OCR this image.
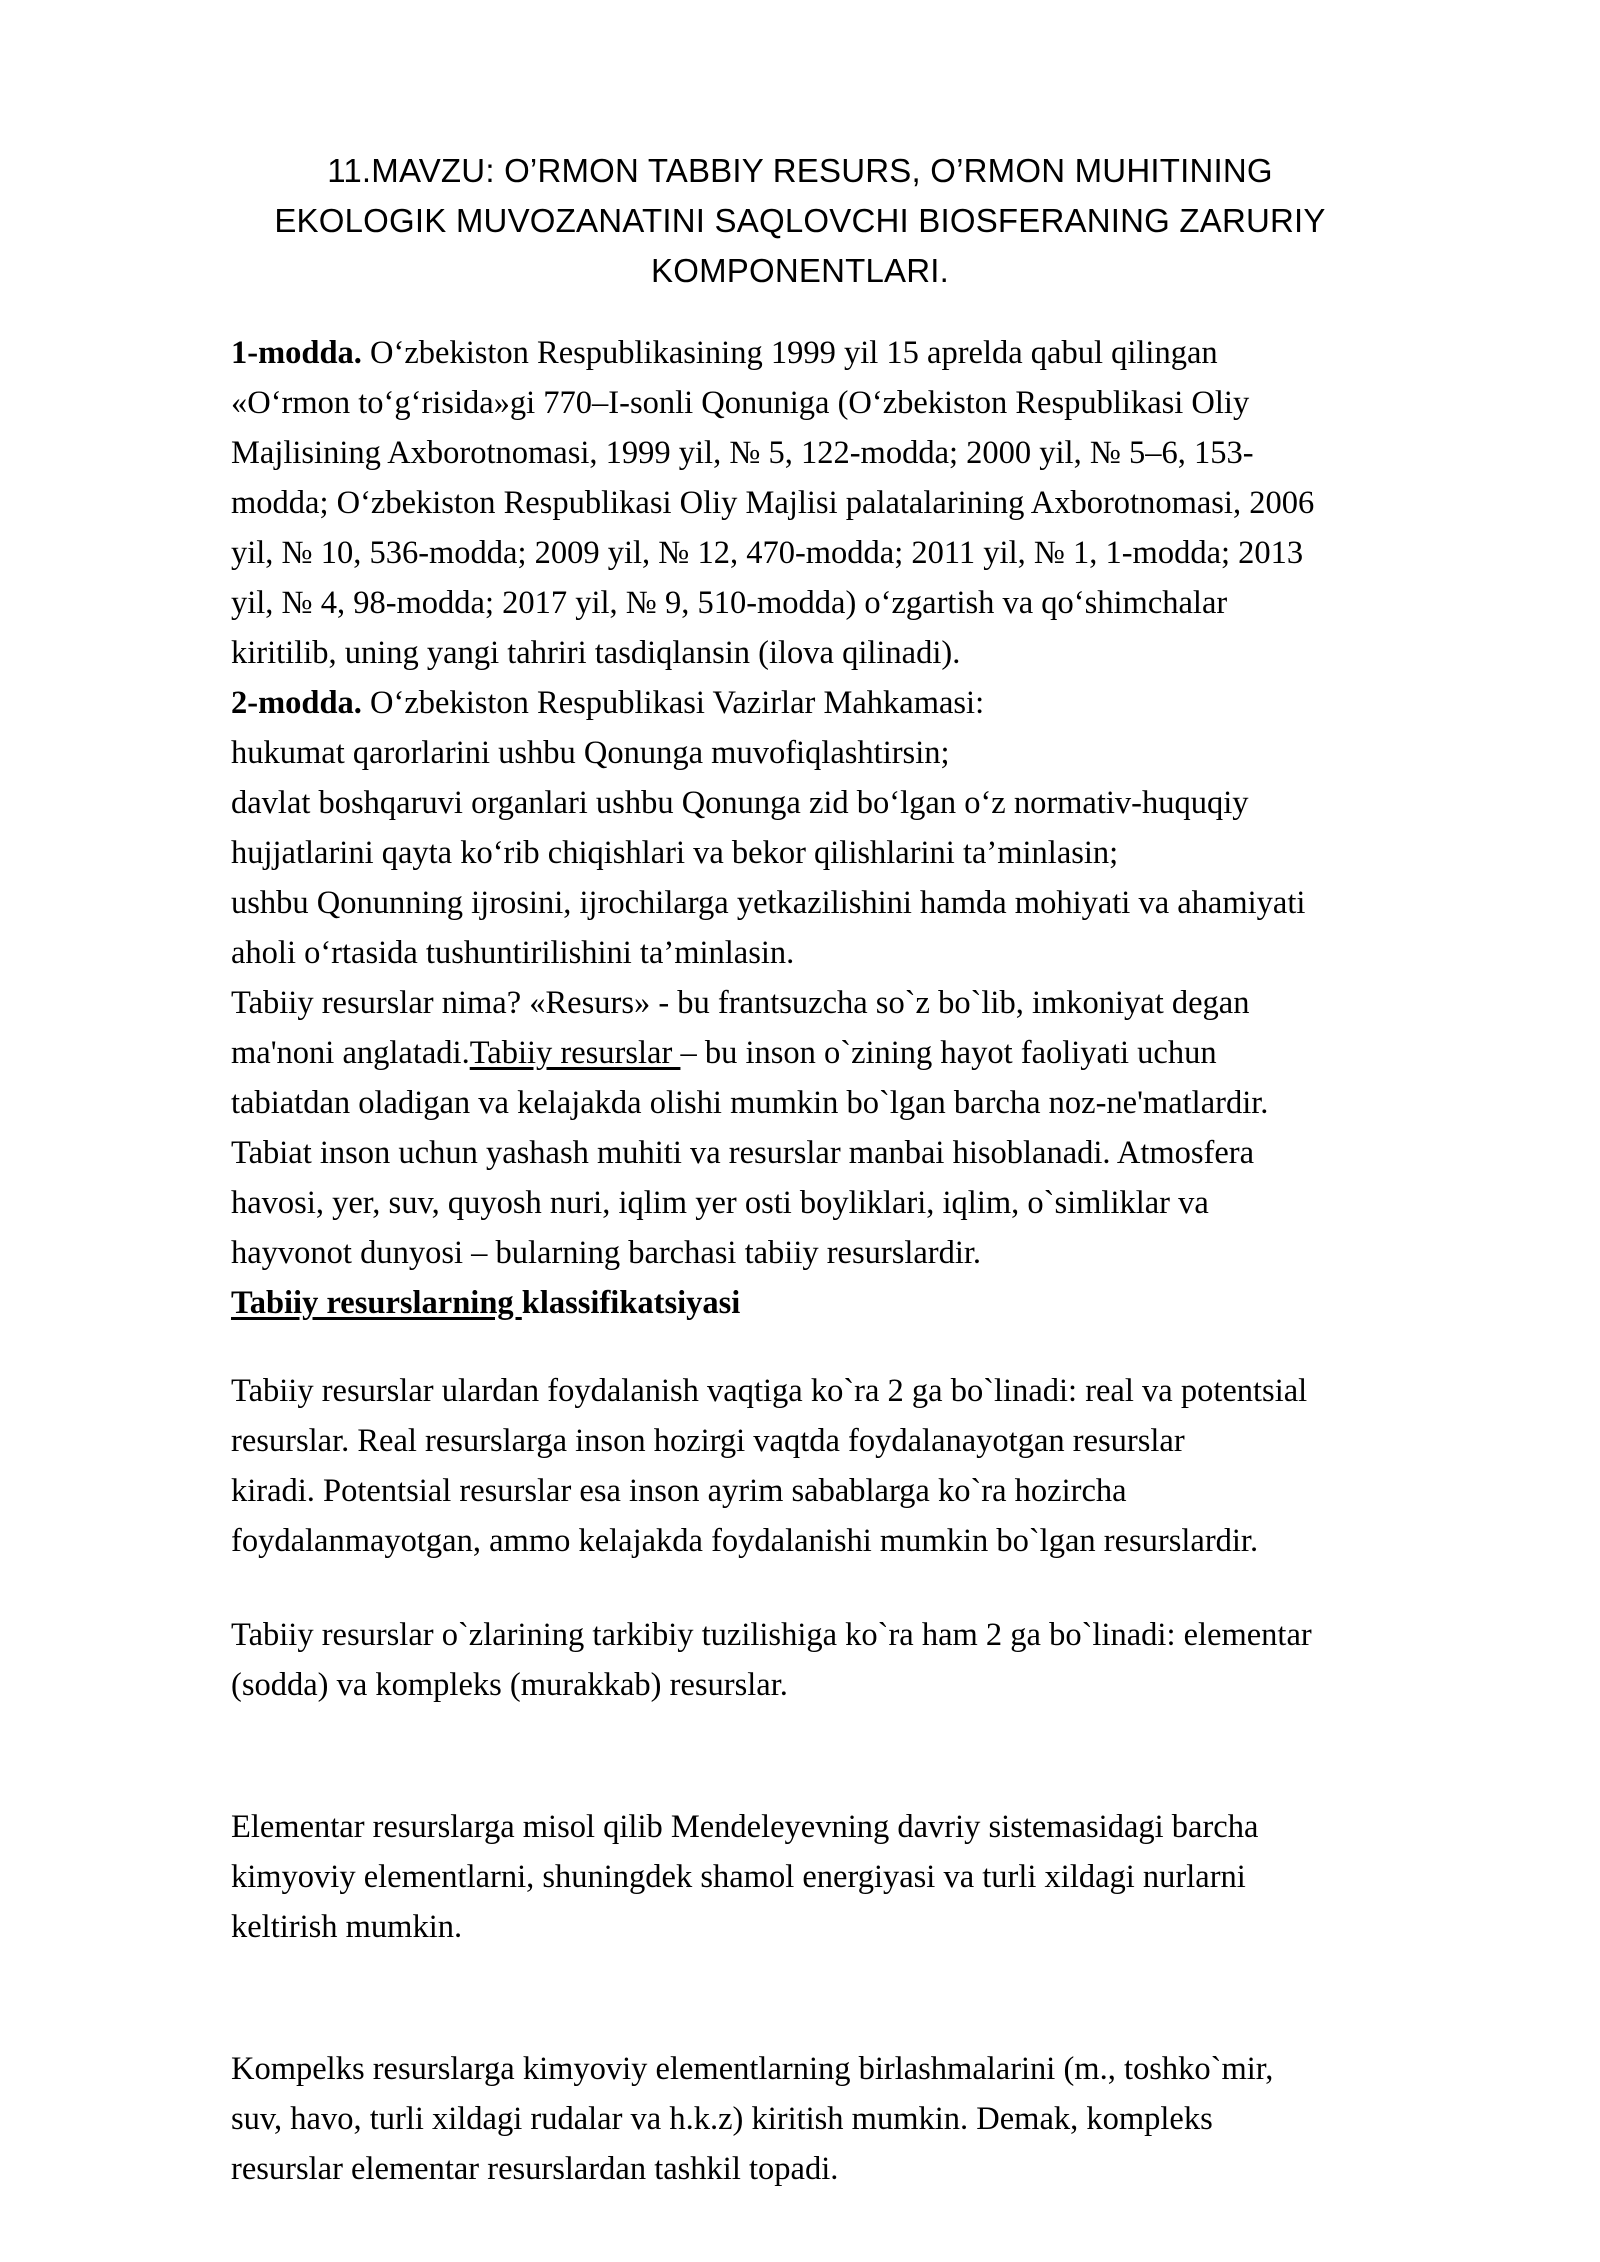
11.MAVZU: O’RMON TABBIY RESURS, O’RMON MUHITINING
EKOLOGIK MUVOZANATINI SAQLOVCHI BIOSFERANING ZARURIY
KOMPONENTLARI.
1-modda. O‘zbekiston Respublikasining 1999 yil 15 aprelda qabul qilingan
«O‘rmon to‘g‘risida»gi 770–I-sonli Qonuniga (O‘zbekiston Respublikasi Oliy
Majlisining Axborotnomasi, 1999 yil, № 5, 122-modda; 2000 yil, № 5–6, 153-
modda; O‘zbekiston Respublikasi Oliy Majlisi palatalarining Axborotnomasi, 2006
yil, № 10, 536-modda; 2009 yil, № 12, 470-modda; 2011 yil, № 1, 1-modda; 2013
yil, № 4, 98-modda; 2017 yil, № 9, 510-modda) o‘zgartish va qo‘shimchalar
kiritilib, uning yangi tahriri tasdiqlansin (ilova qilinadi).
2-modda. O‘zbekiston Respublikasi Vazirlar Mahkamasi:
hukumat qarorlarini ushbu Qonunga muvofiqlashtirsin;
davlat boshqaruvi organlari ushbu Qonunga zid bo‘lgan o‘z normativ-huquqiy
hujjatlarini qayta ko‘rib chiqishlari va bekor qilishlarini ta’minlasin;
ushbu Qonunning ijrosini, ijrochilarga yetkazilishini hamda mohiyati va ahamiyati
aholi o‘rtasida tushuntirilishini ta’minlasin.
Tabiiy resurslar nima? «Resurs» - bu frantsuzcha so`z bo`lib, imkoniyat degan
ma'noni anglatadi.Tabiiy resurslar – bu inson o`zining hayot faoliyati uchun
tabiatdan oladigan va kelajakda olishi mumkin bo`lgan barcha noz-ne'matlardir.
Tabiat inson uchun yashash muhiti va resurslar manbai hisoblanadi. Atmosfera
havosi, yer, suv, quyosh nuri, iqlim yer osti boyliklari, iqlim, o`simliklar va
hayvonot dunyosi – bularning barchasi tabiiy resurslardir.
Tabiiy resurslarning klassifikatsiyasi
Tabiiy resurslar ulardan foydalanish vaqtiga ko`ra 2 ga bo`linadi: real va potentsial
resurslar. Real resurslarga inson hozirgi vaqtda foydalanayotgan resurslar
kiradi. Potentsial resurslar esa inson ayrim sabablarga ko`ra hozircha
foydalanmayotgan, ammo kelajakda foydalanishi mumkin bo`lgan resurslardir.
Tabiiy resurslar o`zlarining tarkibiy tuzilishiga ko`ra ham 2 ga bo`linadi: elementar
(sodda) va kompleks (murakkab) resurslar.
Elementar resurslarga misol qilib Mendeleyevning davriy sistemasidagi barcha
kimyoviy elementlarni, shuningdek shamol energiyasi va turli xildagi nurlarni
keltirish mumkin.
Kompelks resurslarga kimyoviy elementlarning birlashmalarini (m., toshko`mir,
suv, havo, turli xildagi rudalar va h.k.z) kiritish mumkin. Demak, kompleks
resurslar elementar resurslardan tashkil topadi.
